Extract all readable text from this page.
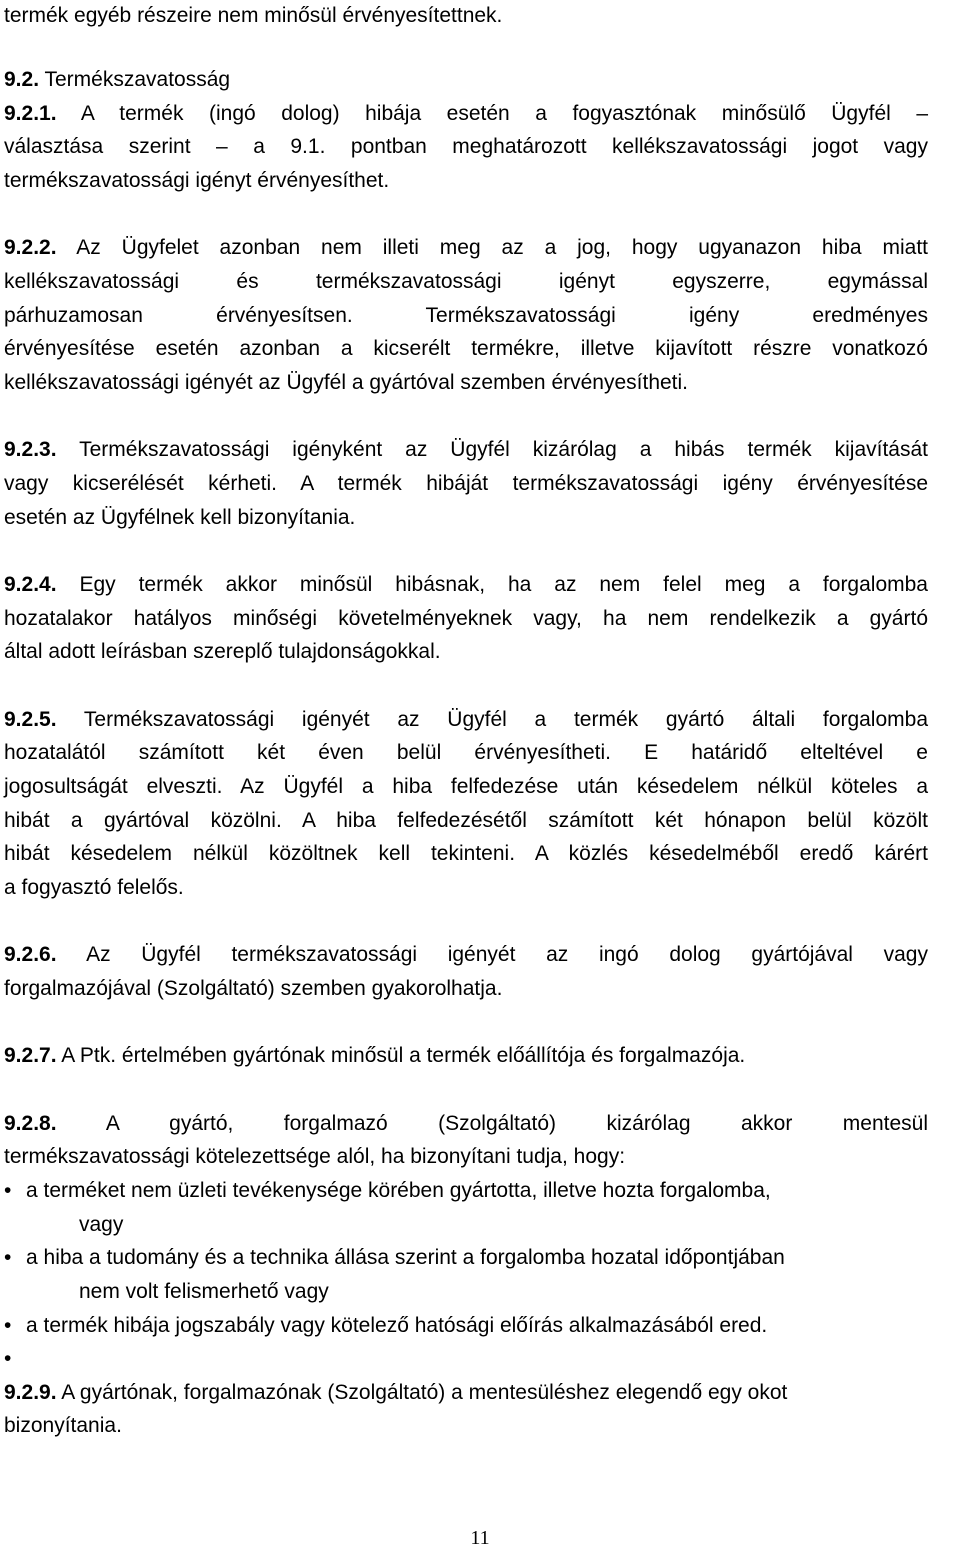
termék egyéb részeire nem minősül érvényesítettnek.
9.2. Termékszavatosság
9.2.1. A termék (ingó dolog) hibája esetén a fogyasztónak minősülő Ügyfél –
választása szerint – a 9.1. pontban meghatározott kellékszavatossági jogot vagy
termékszavatossági igényt érvényesíthet.
9.2.2. Az Ügyfelet azonban nem illeti meg az a jog, hogy ugyanazon hiba miatt
kellékszavatossági és termékszavatossági igényt egyszerre, egymással
párhuzamosan érvényesítsen. Termékszavatossági igény eredményes
érvényesítése esetén azonban a kicserélt termékre, illetve kijavított részre vonatkozó
kellékszavatossági igényét az Ügyfél a gyártóval szemben érvényesítheti.
9.2.3. Termékszavatossági igényként az Ügyfél kizárólag a hibás termék kijavítását
vagy kicserélését kérheti. A termék hibáját termékszavatossági igény érvényesítése
esetén az Ügyfélnek kell bizonyítania.
9.2.4. Egy termék akkor minősül hibásnak, ha az nem felel meg a forgalomba
hozatalakor hatályos minőségi követelményeknek vagy, ha nem rendelkezik a gyártó
által adott leírásban szereplő tulajdonságokkal.
9.2.5. Termékszavatossági igényét az Ügyfél a termék gyártó általi forgalomba
hozatalától számított két éven belül érvényesítheti. E határidő elteltével e
jogosultságát elveszti. Az Ügyfél a hiba felfedezése után késedelem nélkül köteles a
hibát a gyártóval közölni. A hiba felfedezésétől számított két hónapon belül közölt
hibát késedelem nélkül közöltnek kell tekinteni. A közlés késedelméből eredő kárért
a fogyasztó felelős.
9.2.6. Az Ügyfél termékszavatossági igényét az ingó dolog gyártójával vagy
forgalmazójával (Szolgáltató) szemben gyakorolhatja.
9.2.7. A Ptk. értelmében gyártónak minősül a termék előállítója és forgalmazója.
9.2.8. A gyártó, forgalmazó (Szolgáltató) kizárólag akkor mentesül
termékszavatossági kötelezettsége alól, ha bizonyítani tudja, hogy:
• a terméket nem üzleti tevékenysége körében gyártotta, illetve hozta forgalomba,
vagy
• a hiba a tudomány és a technika állása szerint a forgalomba hozatal időpontjában
nem volt felismerhető vagy
• a termék hibája jogszabály vagy kötelező hatósági előírás alkalmazásából ered.
•
9.2.9. A gyártónak, forgalmazónak (Szolgáltató) a mentesüléshez elegendő egy okot
bizonyítania.
11
